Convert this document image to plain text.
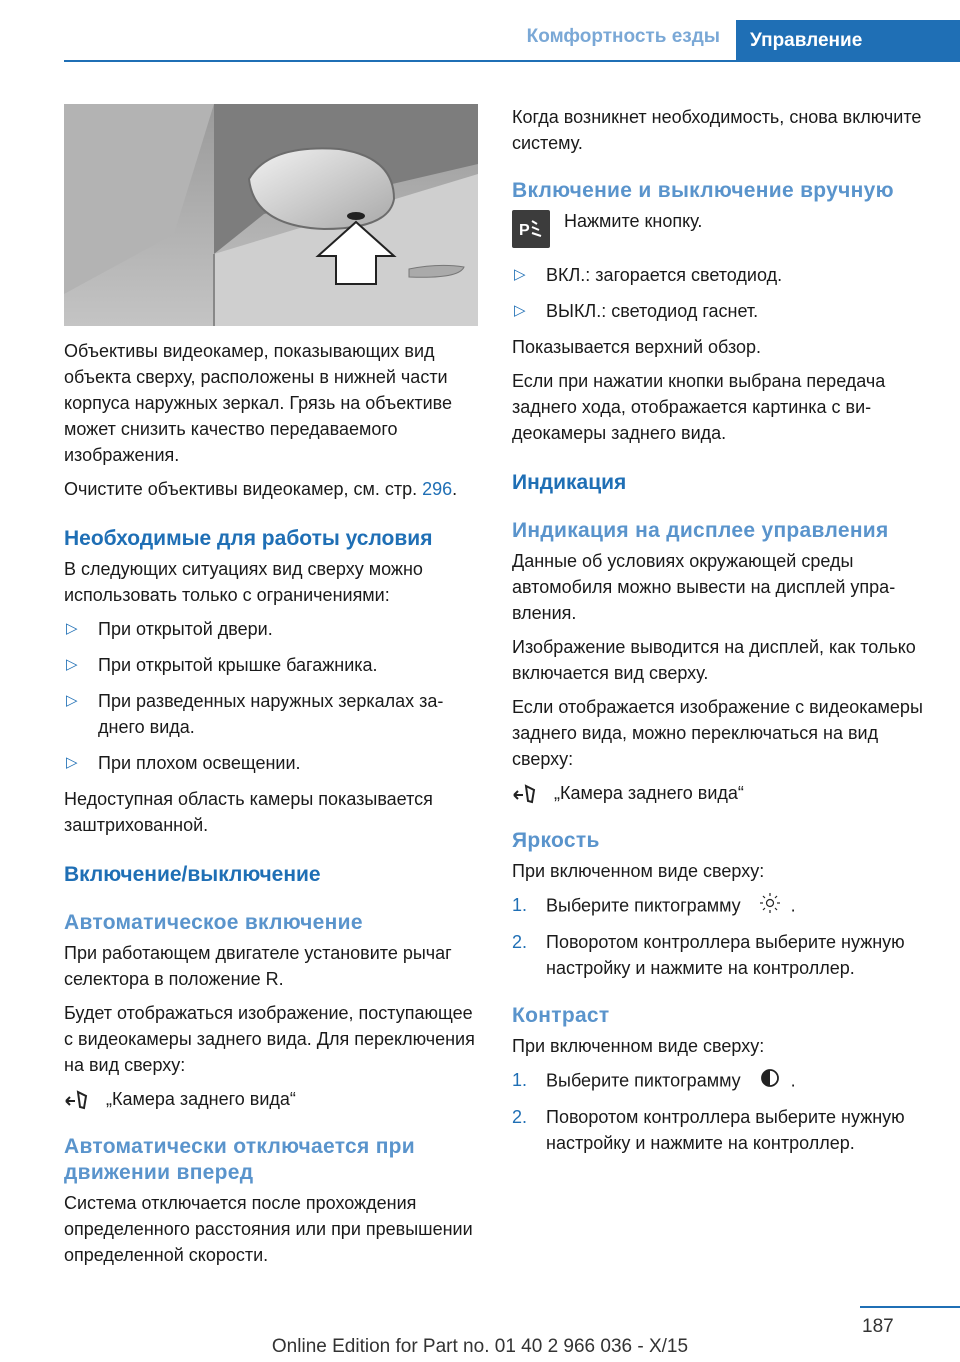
Комфортность езды	Управление

Объективы видеокамер, показывающих вид объекта сверху, расположены в нижней части корпуса наружных зеркал. Грязь на объективе может снизить качество передаваемого изображения.

Очистите объективы видеокамер, см. стр. 296.

Необходимые для работы условия

В следующих ситуациях вид сверху можно использовать только с ограничениями:

▷ При открытой двери.
▷ При открытой крышке багажника.
▷ При разведенных наружных зеркалах заднего вида.
▷ При плохом освещении.

Недоступная область камеры показывается заштрихованной.

Включение/выключение
Автоматическое включение

При работающем двигателе установите рычаг селектора в положение R.

Будет отображаться изображение, поступающее с видеокамеры заднего вида. Для переключения на вид сверху:

„Камера заднего вида“
Автоматически отключается при движении вперед

Система отключается после прохождения определенного расстояния или при превышении определенной скорости.

Когда возникнет необходимость, снова включите систему.

Включение и выключение вручную
P Нажмите кнопку.
▷ ВКЛ.: загорается светодиод.
▷ ВЫКЛ.: светодиод гаснет.

Показывается верхний обзор.

Если при нажатии кнопки выбрана передача заднего хода, отображается картинка с видеокамеры заднего вида.

Индикация
Индикация на дисплее управления

Данные об условиях окружающей среды автомобиля можно вывести на дисплей управления.

Изображение выводится на дисплей, как только включается вид сверху.

Если отображается изображение с видеокамеры заднего вида, можно переключаться на вид сверху:

„Камера заднего вида“
Яркость

При включенном виде сверху:

1. Выберите пиктограмму	.
2. Поворотом контроллера выберите нужную настройку и нажмите на контроллер.
Контраст

При включенном виде сверху:

1. Выберите пиктограмму	.
2. Поворотом контроллера выберите нужную настройку и нажмите на контроллер.
187
Online Edition for Part no. 01 40 2 966 036 - X/15
